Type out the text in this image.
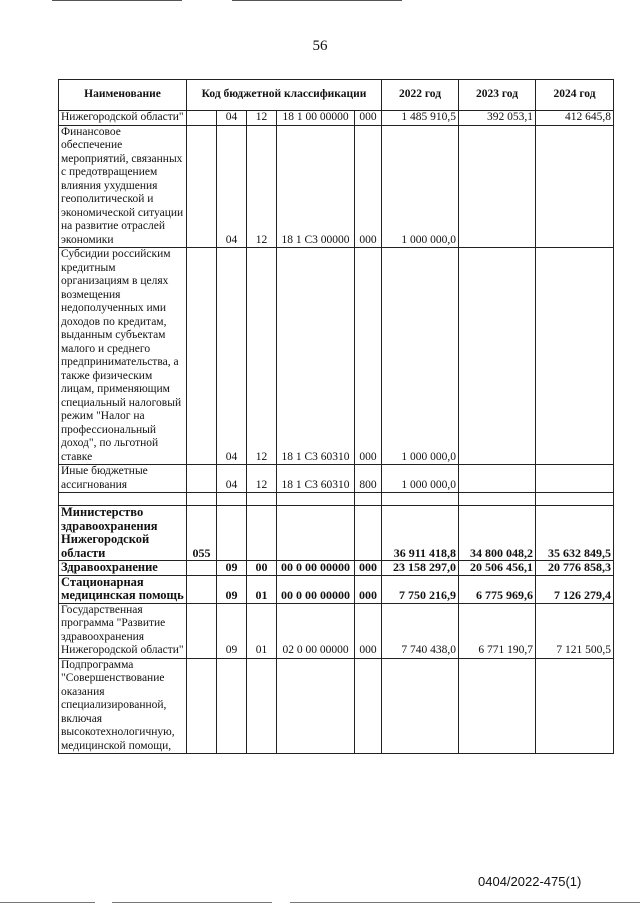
56
Наименование	Код бюджетной классификации					2022 год	2023 год	2024 год
Нижегородской области"		04	12	18 1 00 00000	000	1 485 910,5	392 053,1	412 645,8
Финансовое обеспечение мероприятий, связанных с предотвращением влияния ухудшения геополитической и экономической ситуации на развитие отраслей экономики		04	12	18 1 С3 00000	000	1 000 000,0		
Субсидии российским кредитным организациям в целях возмещения недополученных ими доходов по кредитам, выданным субъектам малого и среднего предпринимательства, а также физическим лицам, применяющим специальный налоговый режим "Налог на профессиональный доход", по льготной ставке		04	12	18 1 С3 60310	000	1 000 000,0		
Иные бюджетные ассигнования		04	12	18 1 С3 60310	800	1 000 000,0		

Министерство здравоохранения Нижегородской области	055					36 911 418,8	34 800 048,2	35 632 849,5
Здравоохранение		09	00	00 0 00 00000	000	23 158 297,0	20 506 456,1	20 776 858,3
Стационарная медицинская помощь		09	01	00 0 00 00000	000	7 750 216,9	6 775 969,6	7 126 279,4
Государственная программа "Развитие здравоохранения Нижегородской области"		09	01	02 0 00 00000	000	7 740 438,0	6 771 190,7	7 121 500,5
Подпрограмма "Совершенствование оказания специализированной, включая высокотехнологичную, медицинской помощи,								
0404/2022-475(1)
